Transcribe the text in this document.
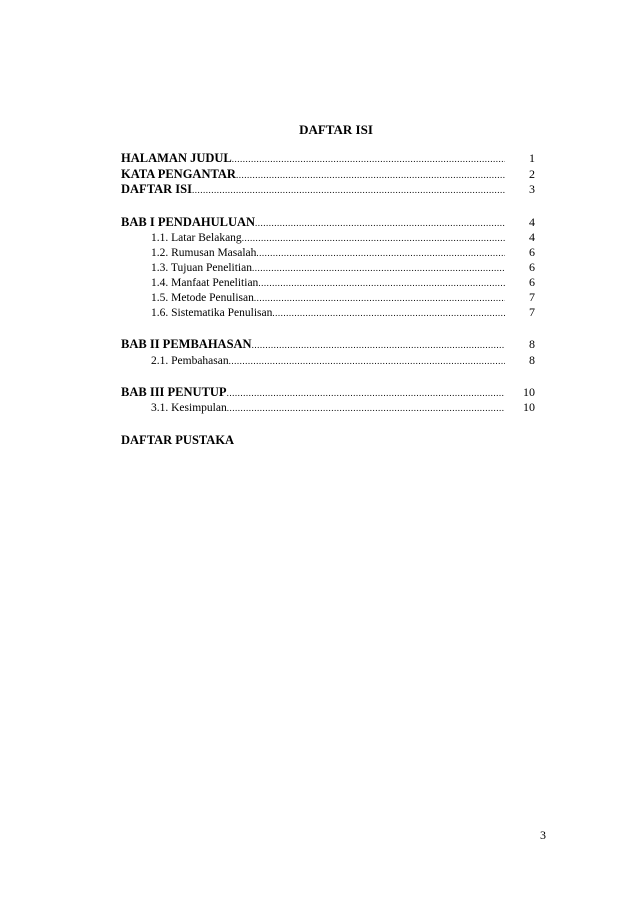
DAFTAR ISI
HALAMAN JUDUL .....	1
KATA PENGANTAR .....	2
DAFTAR ISI .....	3
BAB I PENDAHULUAN .....	4
1.1. Latar Belakang .....	4
1.2. Rumusan Masalah .....	6
1.3. Tujuan Penelitian .....	6
1.4. Manfaat Penelitian .....	6
1.5. Metode Penulisan .....	7
1.6. Sistematika Penulisan .....	7
BAB II PEMBAHASAN .....	8
2.1. Pembahasan .....	8
BAB III PENUTUP .....	10
3.1. Kesimpulan .....	10
DAFTAR PUSTAKA
3
